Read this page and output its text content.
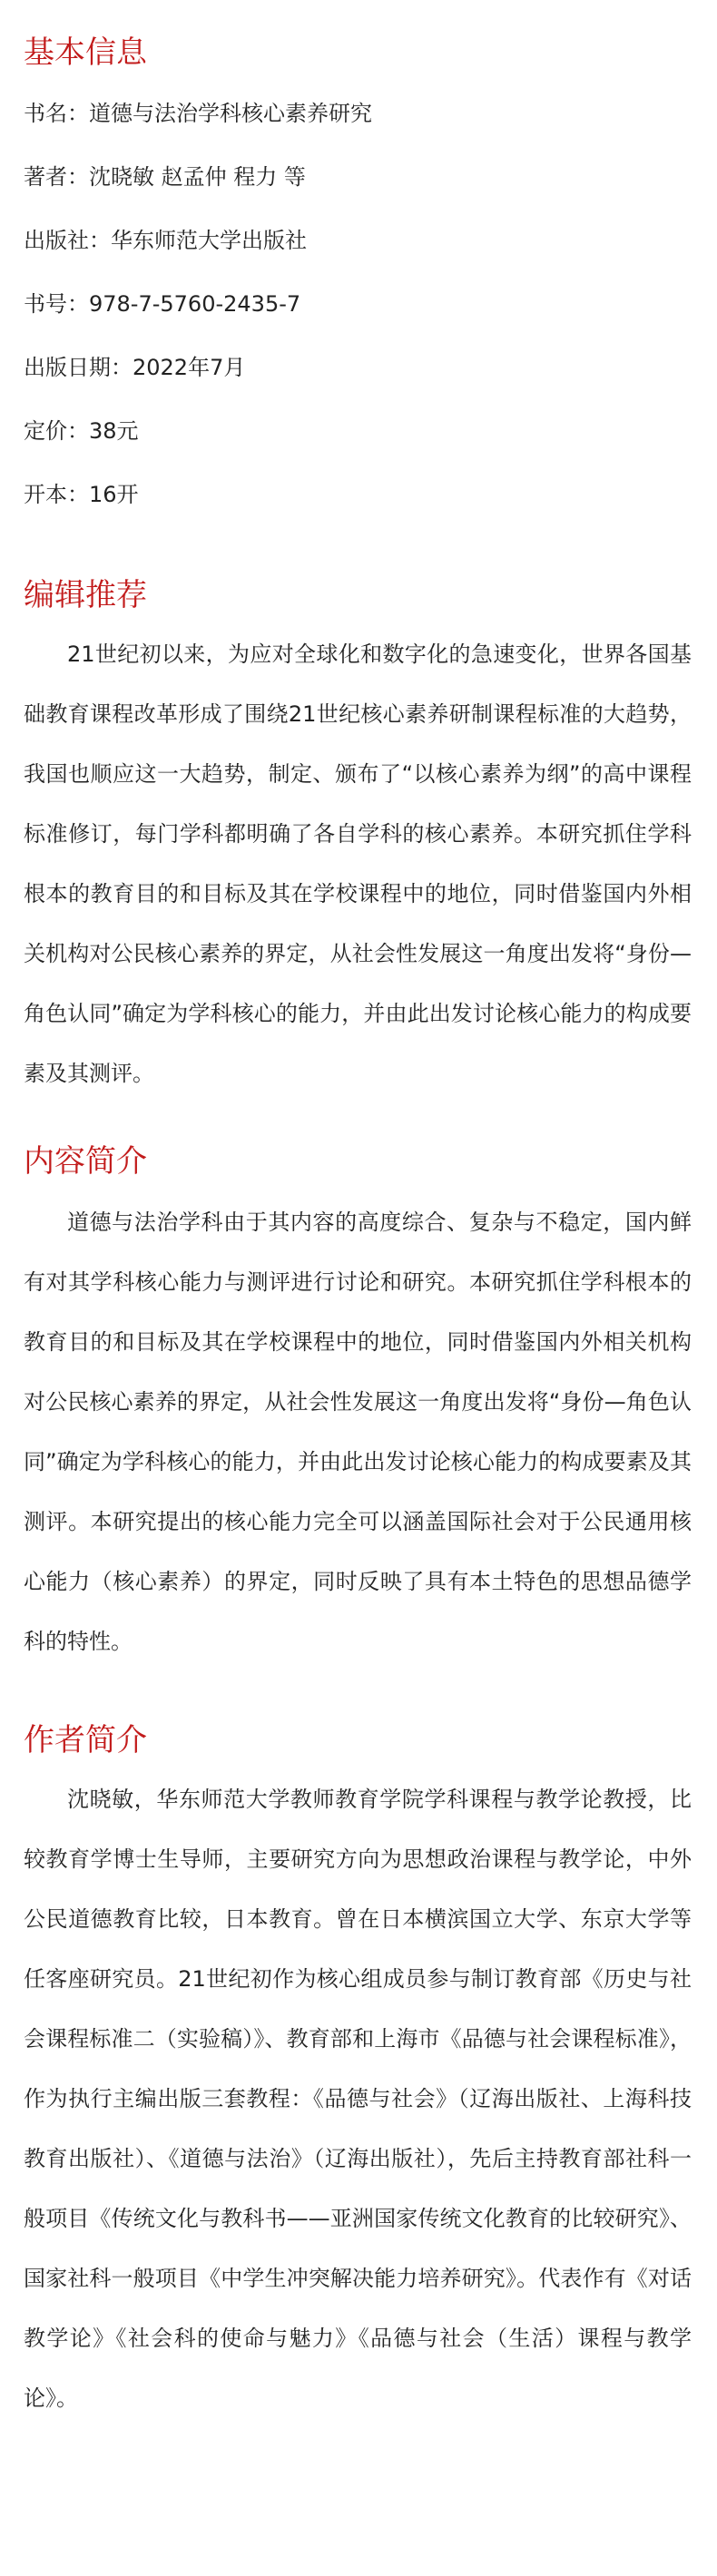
基本信息
书名：道德与法治学科核心素养研究
著者：沈晓敏 赵孟仲 程力 等
出版社：华东师范大学出版社
书号：978-7-5760-2435-7
出版日期：2022年7月
定价：38元
开本：16开
编辑推荐

21世纪初以来，为应对全球化和数字化的急速变化，世界各国基础教育课程改革形成了围绕21世纪核心素养研制课程标准的大趋势，我国也顺应这一大趋势，制定、颁布了“以核心素养为纲”的高中课程标准修订，每门学科都明确了各自学科的核心素养。本研究抓住学科根本的教育目的和目标及其在学校课程中的地位，同时借鉴国内外相关机构对公民核心素养的界定，从社会性发展这一角度出发将“身份—角色认同”确定为学科核心的能力，并由此出发讨论核心能力的构成要素及其测评。

内容简介

道德与法治学科由于其内容的高度综合、复杂与不稳定，国内鲜有对其学科核心能力与测评进行讨论和研究。本研究抓住学科根本的教育目的和目标及其在学校课程中的地位，同时借鉴国内外相关机构对公民核心素养的界定，从社会性发展这一角度出发将“身份—角色认同”确定为学科核心的能力，并由此出发讨论核心能力的构成要素及其测评。本研究提出的核心能力完全可以涵盖国际社会对于公民通用核心能力（核心素养）的界定，同时反映了具有本土特色的思想品德学科的特性。

作者简介

沈晓敏，华东师范大学教师教育学院学科课程与教学论教授，比较教育学博士生导师，主要研究方向为思想政治课程与教学论，中外公民道德教育比较，日本教育。曾在日本横滨国立大学、东京大学等任客座研究员。21世纪初作为核心组成员参与制订教育部《历史与社会课程标准二（实验稿）》、教育部和上海市《品德与社会课程标准》，作为执行主编出版三套教程：《品德与社会》（辽海出版社、上海科技教育出版社）、《道德与法治》（辽海出版社），先后主持教育部社科一般项目《传统文化与教科书——亚洲国家传统文化教育的比较研究》、国家社科一般项目《中学生冲突解决能力培养研究》。代表作有《对话教学论》《社会科的使命与魅力》《品德与社会（生活）课程与教学论》。
